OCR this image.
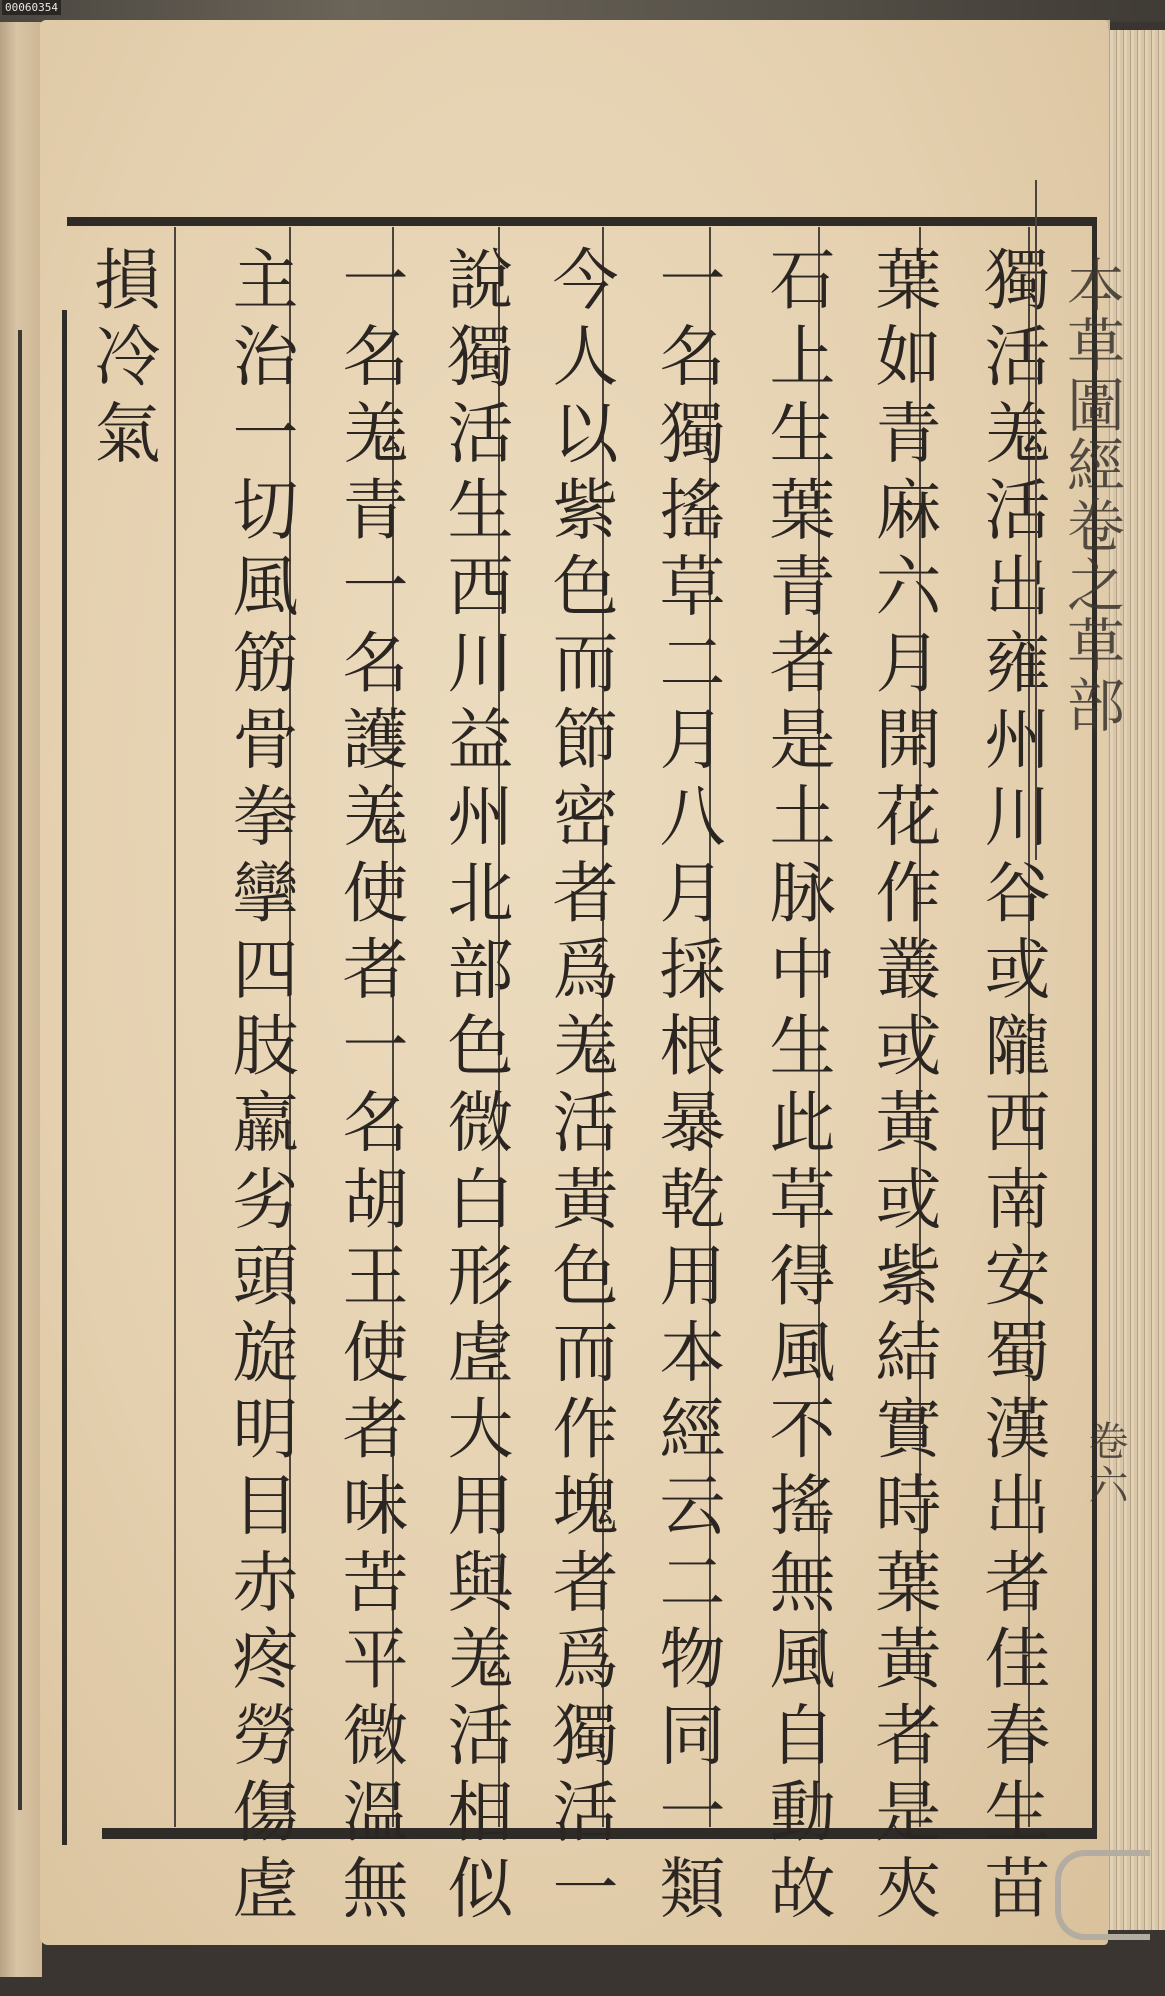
00060354
獨活羗活出雍州川谷或隴西南安蜀漢出者佳春生苗
葉如青麻六月開花作叢或黃或紫結實時葉黃者是夾
石上生葉青者是土脉中生此草得風不搖無風自動故
一名獨搖草二月八月採根暴乾用本經云二物同一類
今人以紫色而節密者爲羗活黃色而作塊者爲獨活一
說獨活生西川益州北部色微白形虗大用與羗活相似
一名羗青一名護羗使者一名胡王使者味苦平微溫無
主治一切風筋骨拳攣四肢羸劣頭旋明目赤疼勞傷虗
損冷氣	本草圖經卷之草部
卷六
